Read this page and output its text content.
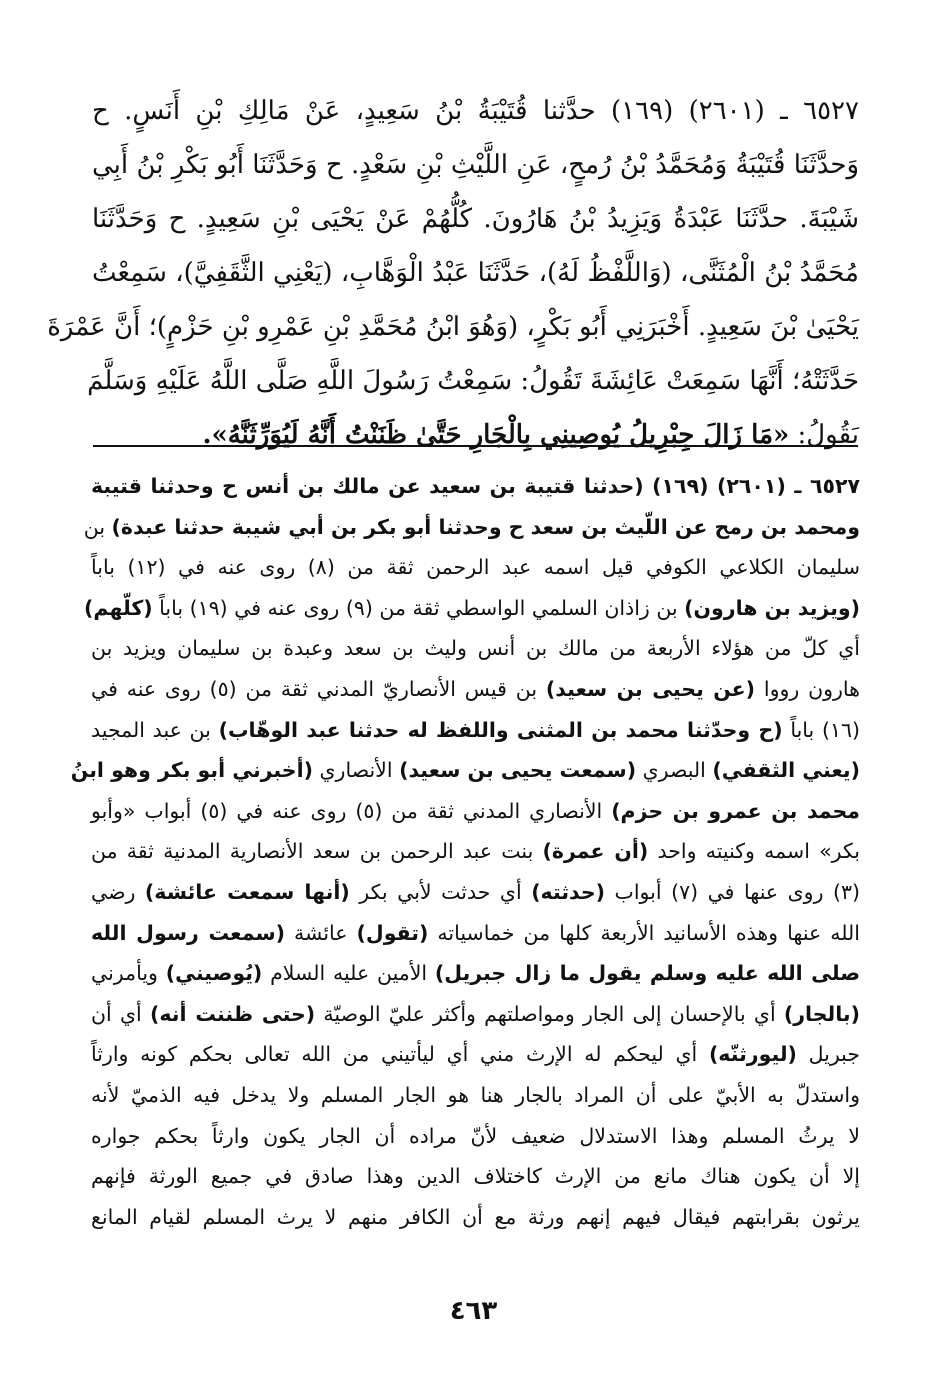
٦٥٢٧ ـ (٢٦٠١) (١٦٩) حدَّثنا قُتَيْبَةُ بْنُ سَعِيدٍ، عَنْ مَالِكِ بْنِ أَنَسٍ. ح
وَحدَّثَنَا قُتَيْبَةُ وَمُحَمَّدُ بْنُ رُمحٍ، عَنِ اللَّيْثِ بْنِ سَعْدٍ. ح وَحَدَّثَنَا أَبُو بَكْرِ بْنُ أَبِي
شَيْبَةَ. حدَّثَنَا عَبْدَةُ وَيَزِيدُ بْنُ هَارُونَ. كُلُّهُمْ عَنْ يَحْيَى بْنِ سَعِيدٍ. ح وَحَدَّثَنَا
مُحَمَّدُ بْنُ الْمُثَنَّى، (وَاللَّفْظُ لَهُ)، حَدَّثَنَا عَبْدُ الْوَهَّابِ، (يَعْنِي الثَّقَفِيَّ)، سَمِعْتُ
يَحْيَىٰ بْنَ سَعِيدٍ. أَخْبَرَنِي أَبُو بَكْرٍ، (وَهُوَ ابْنُ مُحَمَّدِ بْنِ عَمْرِو بْنِ حَزْمٍ)؛ أَنَّ عَمْرَةَ
حَدَّثَتْهُ؛ أَنَّهَا سَمِعَتْ عَائِشَةَ تَقُولُ: سَمِعْتُ رَسُولَ اللَّهِ صَلَّى اللَّهُ عَلَيْهِ وَسَلَّمَ
يَقُولُ: «مَا زَالَ جِبْرِيلُ يُوصِينِي بِالْجَارِ حَتَّىٰ ظَنَنْتُ أَنَّهُ لَيُوَرِّثَنَّهُ».
٦٥٢٧ ـ (٢٦٠١) (١٦٩) (حدثنا قتيبة بن سعيد عن مالك بن أنس ح وحدثنا قتيبة
ومحمد بن رمح عن اللّيث بن سعد ح وحدثنا أبو بكر بن أبي شيبة حدثنا عبدة) بن
سليمان الكلاعي الكوفي قيل اسمه عبد الرحمن ثقة من (٨) روى عنه في (١٢) باباً
(ويزيد بن هارون) بن زاذان السلمي الواسطي ثقة من (٩) روى عنه في (١٩) باباً (كلّهم)
أي كلّ من هؤلاء الأربعة من مالك بن أنس وليث بن سعد وعبدة بن سليمان ويزيد بن
هارون رووا (عن يحيى بن سعيد) بن قيس الأنصاريّ المدني ثقة من (٥) روى عنه في
(١٦) باباً (ح وحدّثنا محمد بن المثنى واللفظ له حدثنا عبد الوهّاب) بن عبد المجيد
(يعني الثقفي) البصري (سمعت يحيى بن سعيد) الأنصاري (أخبرني أبو بكر وهو ابنُ
محمد بن عمرو بن حزم) الأنصاري المدني ثقة من (٥) روى عنه في (٥) أبواب «وأبو
بكر» اسمه وكنيته واحد (أن عمرة) بنت عبد الرحمن بن سعد الأنصارية المدنية ثقة من
(٣) روى عنها في (٧) أبواب (حدثته) أي حدثت لأبي بكر (أنها سمعت عائشة) رضي
الله عنها وهذه الأسانيد الأربعة كلها من خماسياته (تقول) عائشة (سمعت رسول الله
صلى الله عليه وسلم يقول ما زال جبريل) الأمين عليه السلام (يُوصيني) ويأمرني
(بالجار) أي بالإحسان إلى الجار ومواصلتهم وأكثر عليّ الوصيّة (حتى ظننت أنه) أي أن
جبريل (ليورثنّه) أي ليحكم له الإرث مني أي ليأتيني من الله تعالى بحكم كونه وارثاً
واستدلّ به الأبيّ على أن المراد بالجار هنا هو الجار المسلم ولا يدخل فيه الذميّ لأنه
لا يرثُ المسلم وهذا الاستدلال ضعيف لأنّ مراده أن الجار يكون وارثاً بحكم جواره
إلا أن يكون هناك مانع من الإرث كاختلاف الدين وهذا صادق في جميع الورثة فإنهم
يرثون بقرابتهم فيقال فيهم إنهم ورثة مع أن الكافر منهم لا يرث المسلم لقيام المانع
٤٦٣
